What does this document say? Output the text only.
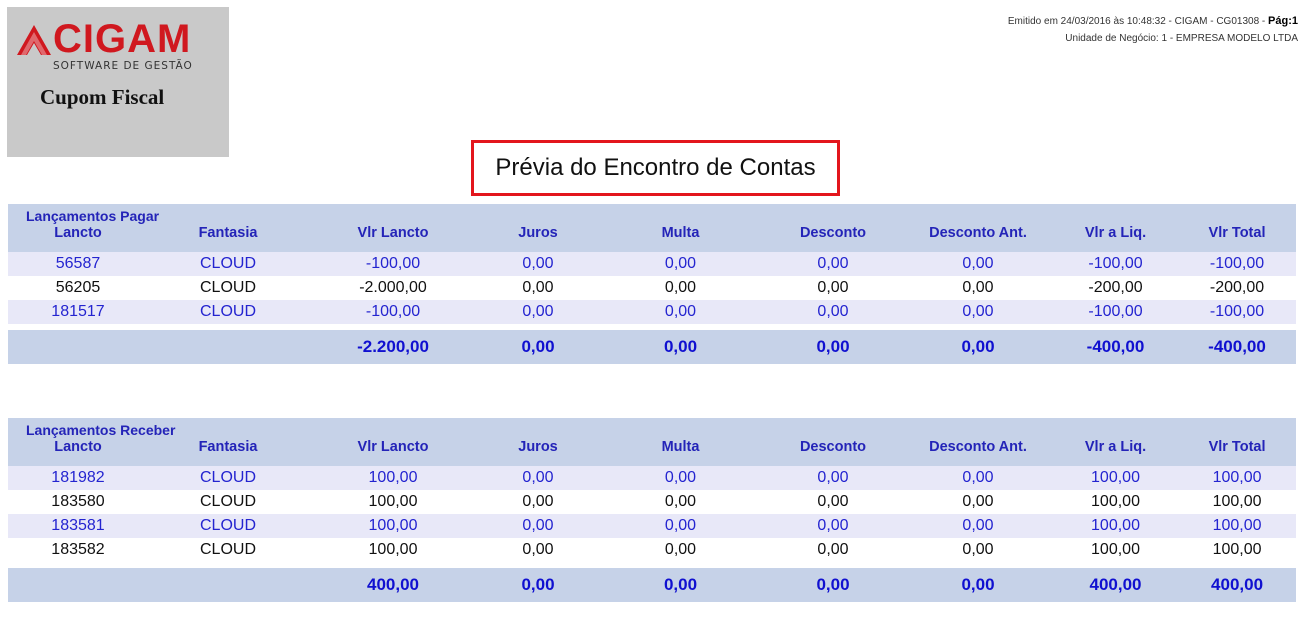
CIGAM
SOFTWARE DE GESTÃO
Cupom Fiscal
Emitido em 24/03/2016 às 10:48:32 - CIGAM - CG01308 - Pág:1
Unidade de Negócio: 1 - EMPRESA MODELO LTDA
Prévia do Encontro de Contas
Lançamentos Pagar								
Lancto	Fantasia	Vlr Lancto	Juros	Multa	Desconto	Desconto Ant.	Vlr a Liq.	Vlr Total
56587	CLOUD	-100,00	0,00	0,00	0,00	0,00	-100,00	-100,00
56205	CLOUD	-2.000,00	0,00	0,00	0,00	0,00	-200,00	-200,00
181517	CLOUD	-100,00	0,00	0,00	0,00	0,00	-100,00	-100,00

		-2.200,00	0,00	0,00	0,00	0,00	-400,00	-400,00
Lançamentos Receber								
Lancto	Fantasia	Vlr Lancto	Juros	Multa	Desconto	Desconto Ant.	Vlr a Liq.	Vlr Total
181982	CLOUD	100,00	0,00	0,00	0,00	0,00	100,00	100,00
183580	CLOUD	100,00	0,00	0,00	0,00	0,00	100,00	100,00
183581	CLOUD	100,00	0,00	0,00	0,00	0,00	100,00	100,00
183582	CLOUD	100,00	0,00	0,00	0,00	0,00	100,00	100,00

		400,00	0,00	0,00	0,00	0,00	400,00	400,00
